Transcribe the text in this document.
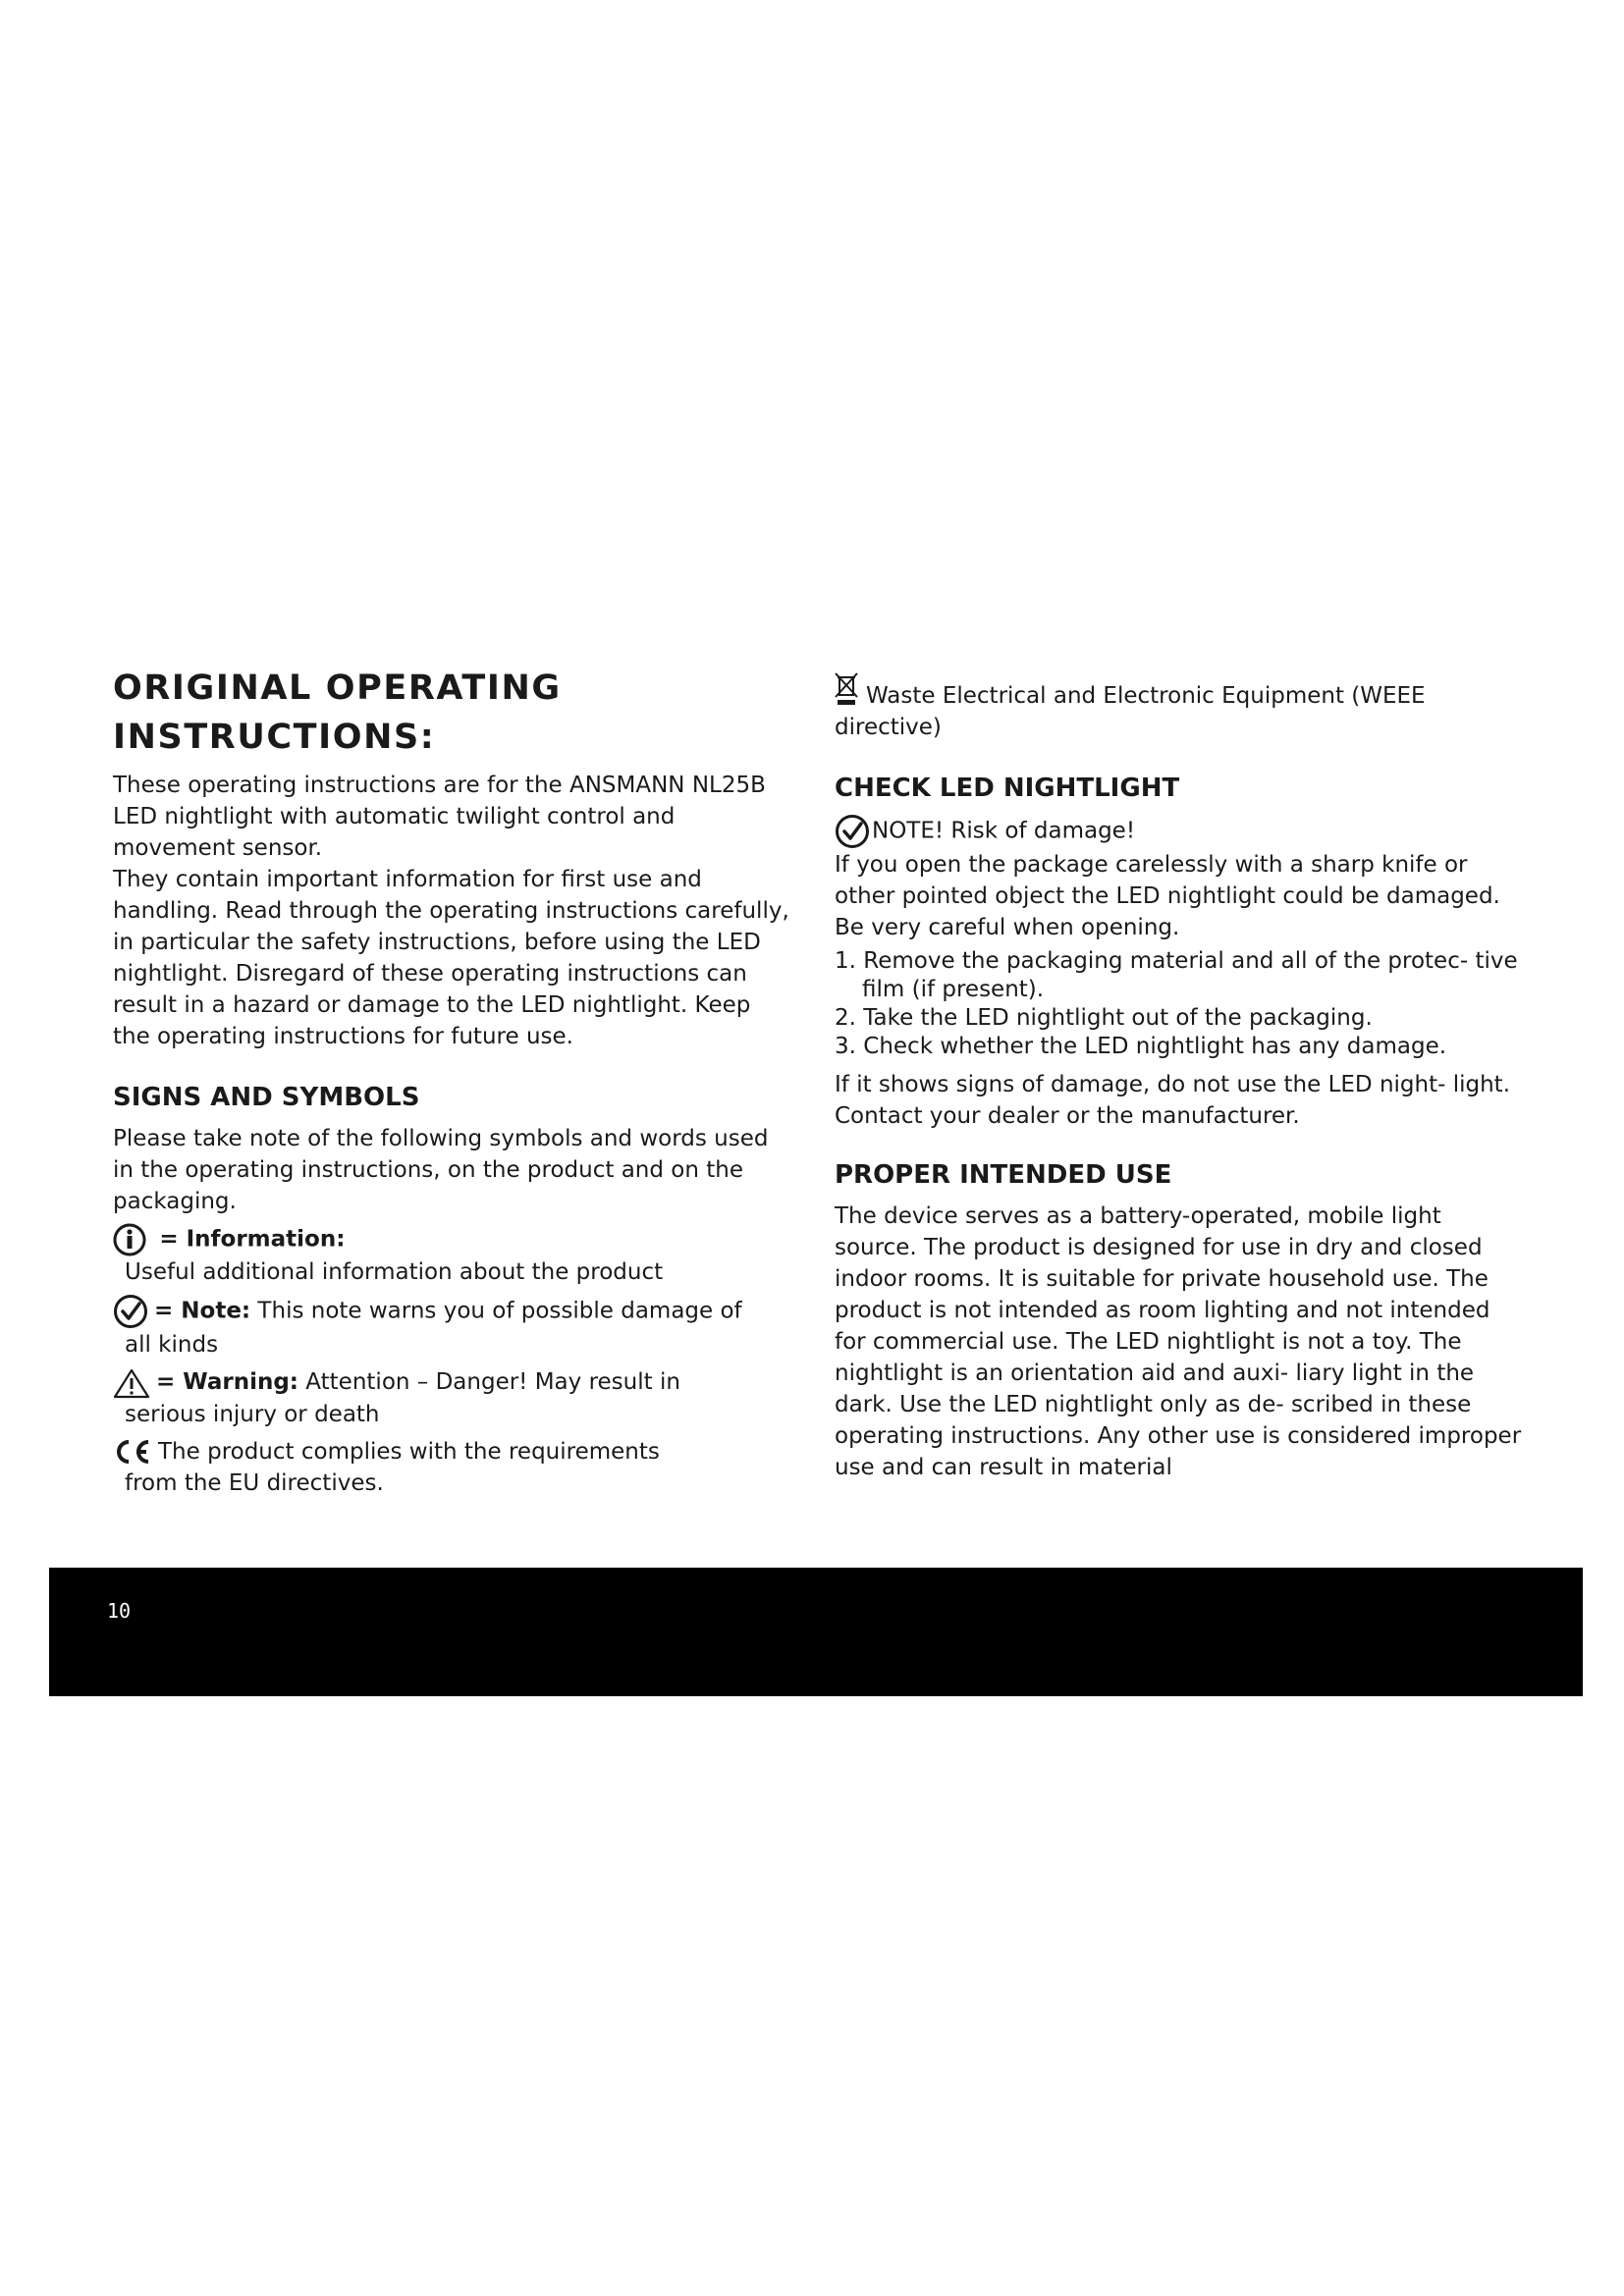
ORIGINAL OPERATING INSTRUCTIONS:

These operating instructions are for the ANSMANN NL25B LED nightlight with automatic twilight control and movement sensor.

They contain important information for first use and handling. Read through the operating instructions carefully, in particular the safety instructions, before using the LED nightlight. Disregard of these operating instructions can result in a hazard or damage to the LED nightlight. Keep the operating instructions for future use.

SIGNS AND SYMBOLS

Please take note of the following symbols and words used in the operating instructions, on the product and on the packaging.

= Information:
Useful additional information about the product
= Note: This note warns you of possible damage of
all kinds
= Warning: Attention – Danger! May result in
serious injury or death
The product complies with the requirements
from the EU directives.
Waste Electrical and Electronic Equipment (WEEE directive)
CHECK LED NIGHTLIGHT
NOTE! Risk of damage!

If you open the package carelessly with a sharp knife or other pointed object the LED nightlight could be damaged. Be very careful when opening.

1. Remove the packaging material and all of the protec- tive film (if present).
2. Take the LED nightlight out of the packaging.
3. Check whether the LED nightlight has any damage.

If it shows signs of damage, do not use the LED night- light. Contact your dealer or the manufacturer.

PROPER INTENDED USE

The device serves as a battery-operated, mobile light source. The product is designed for use in dry and closed indoor rooms. It is suitable for private household use. The product is not intended as room lighting and not intended for commercial use. The LED nightlight is not a toy. The nightlight is an orientation aid and auxi- liary light in the dark. Use the LED nightlight only as de- scribed in these operating instructions. Any other use is considered improper use and can result in material

10
